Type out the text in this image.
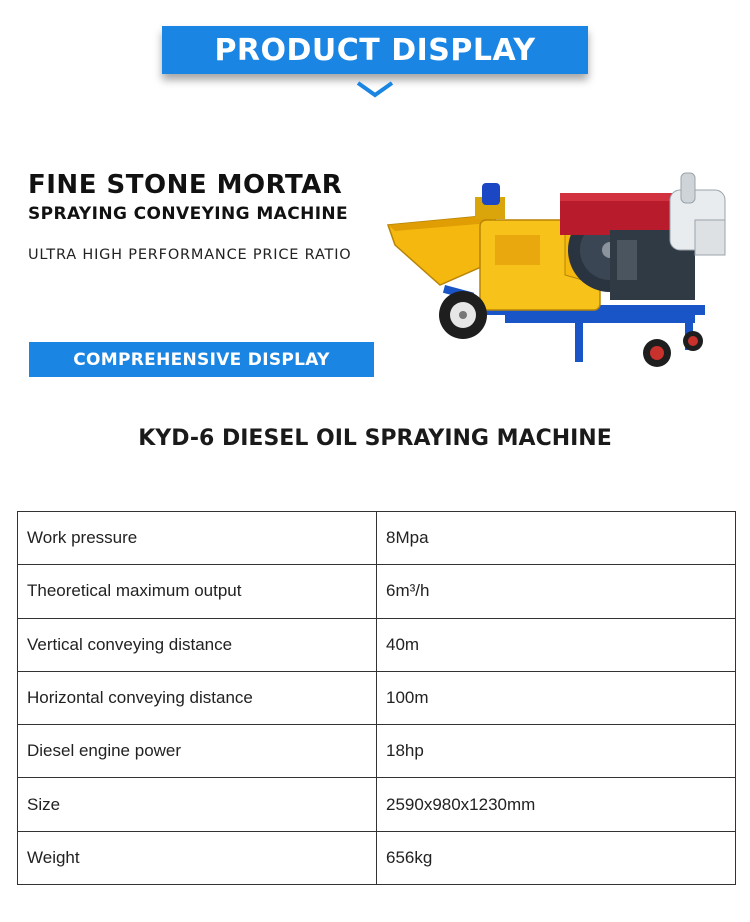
PRODUCT DISPLAY
FINE STONE MORTAR
SPRAYING CONVEYING MACHINE
ULTRA HIGH PERFORMANCE PRICE RATIO
COMPREHENSIVE DISPLAY
KYD-6 DIESEL OIL SPRAYING MACHINE
Work pressure	8Mpa
Theoretical maximum output	6m³/h
Vertical conveying distance	40m
Horizontal conveying distance	100m
Diesel engine power	18hp
Size	2590x980x1230mm
Weight	656kg
